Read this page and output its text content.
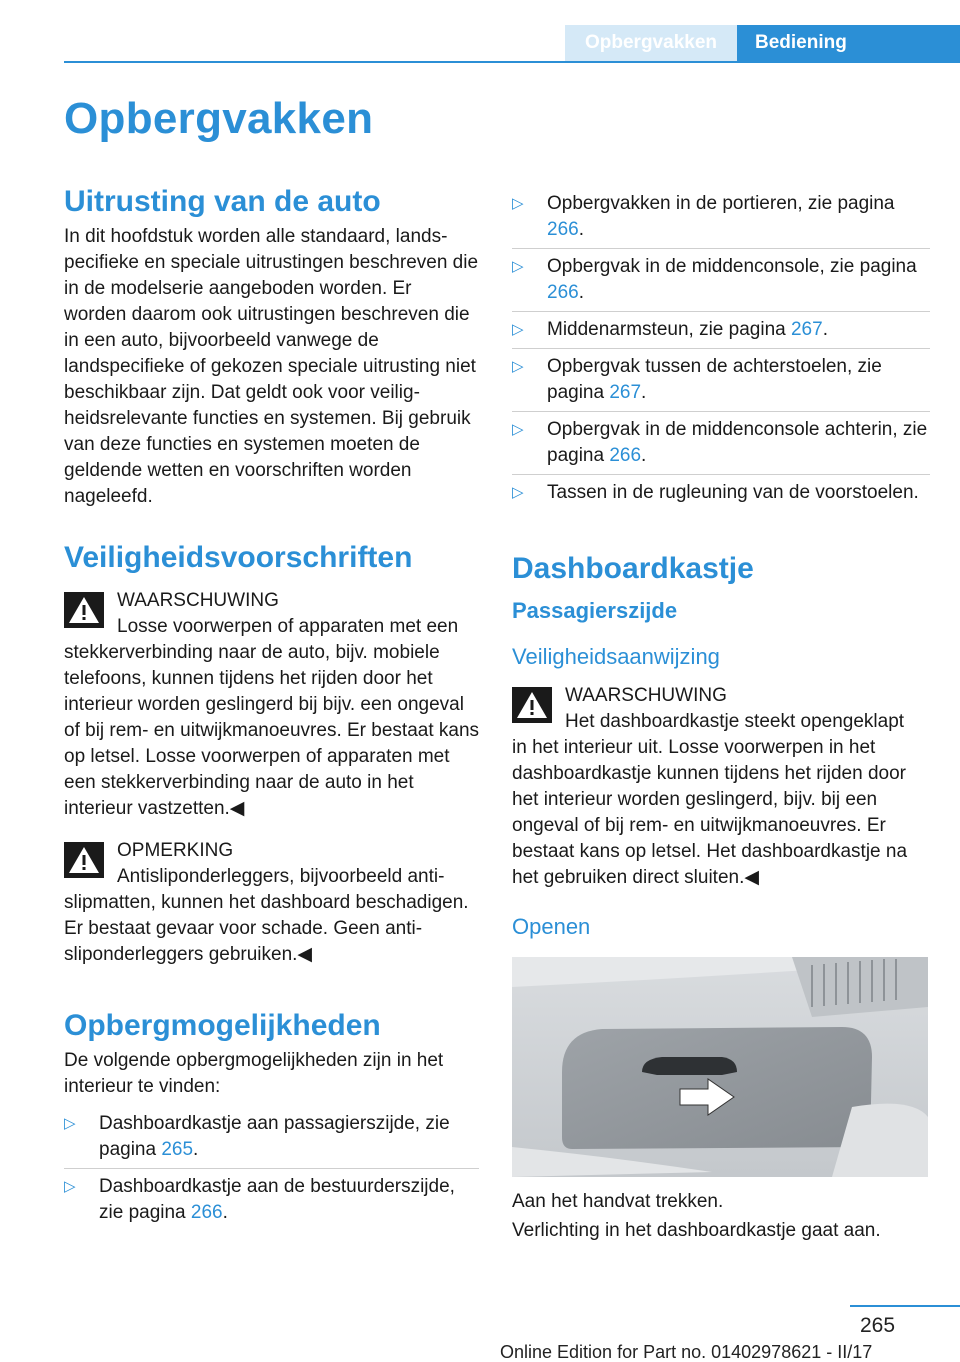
Opbergvakken	Bediening
Opbergvakken
Uitrusting van de auto

In dit hoofdstuk worden alle standaard, landspecifieke en speciale uitrustingen beschreven die in de modelserie aangeboden worden. Er worden daarom ook uitrustingen beschreven die in een auto, bijvoorbeeld vanwege de landspecifieke of gekozen speciale uitrusting niet beschikbaar zijn. Dat geldt ook voor veiligheidsrelevante functies en systemen. Bij gebruik van deze functies en systemen moeten de geldende wetten en voorschriften worden nageleefd.

Veiligheidsvoorschriften

WAARSCHUWING

Losse voorwerpen of apparaten met een

stekkerverbinding naar de auto, bijv. mobiele telefoons, kunnen tijdens het rijden door het interieur worden geslingerd bij bijv. een ongeval of bij rem- en uitwijkmanoeuvres. Er bestaat kans op letsel. Losse voorwerpen of apparaten met een stekkerverbinding naar de auto in het interieur vastzetten.◀

OPMERKING

Antisliponderleggers, bijvoorbeeld anti-

slipmatten, kunnen het dashboard beschadigen. Er bestaat gevaar voor schade. Geen antisliponderleggers gebruiken.◀

Opbergmogelijkheden

De volgende opbergmogelijkheden zijn in het interieur te vinden:

▷ Dashboardkastje aan passagierszijde, zie pagina 265.
▷ Dashboardkastje aan de bestuurderszijde, zie pagina 266.
▷ Opbergvakken in de portieren, zie pagina 266.
▷ Opbergvak in de middenconsole, zie pagina 266.
▷ Middenarmsteun, zie pagina 267.
▷ Opbergvak tussen de achterstoelen, zie pagina 267.
▷ Opbergvak in de middenconsole achterin, zie pagina 266.
▷ Tassen in de rugleuning van de voorstoelen.
Dashboardkastje
Passagierszijde
Veiligheidsaanwijzing

WAARSCHUWING

Het dashboardkastje steekt opengeklapt

in het interieur uit. Losse voorwerpen in het dashboardkastje kunnen tijdens het rijden door het interieur worden geslingerd, bijv. bij een ongeval of bij rem- en uitwijkmanoeuvres. Er bestaat kans op letsel. Het dashboardkastje na het gebruiken direct sluiten.◀

Openen

Aan het handvat trekken.

Verlichting in het dashboardkastje gaat aan.

265
Online Edition for Part no. 01402978621 - II/17
